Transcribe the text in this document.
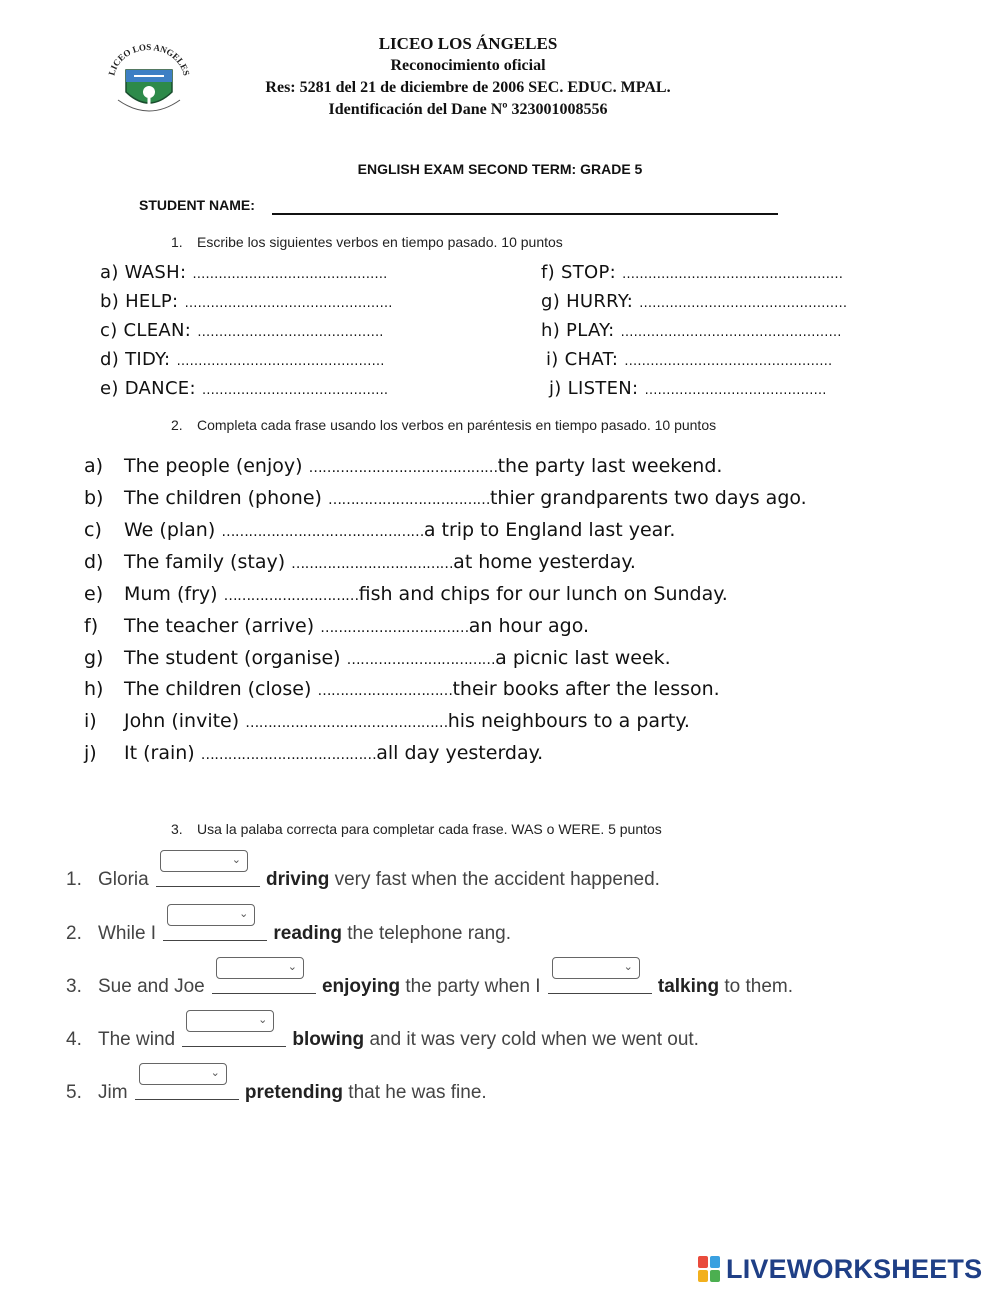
LICEO LOS ANGELES
LICEO LOS ÁNGELES
Reconocimiento oficial
Res: 5281 del 21 de diciembre de 2006 SEC. EDUC. MPAL.
Identificación del Dane Nº 323001008556
ENGLISH EXAM SECOND TERM: GRADE 5
STUDENT NAME:
1. Escribe los siguientes verbos en tiempo pasado. 10 puntos
a) WASH: ………………………………………
b) HELP: …………………………………………
c) CLEAN: …………………………………….
d) TIDY: …………………………………………
e) DANCE: …………………………………….
f) STOP: ……………………………………………
g) HURRY: …………………………………………
h) PLAY: ……………………………………………
i) CHAT: …………………………………………
j) LISTEN: ……………………………………
2. Completa cada frase usando los verbos en paréntesis en tiempo pasado. 10 puntos
a) The people (enjoy) ……………………………………the party last weekend.
b) The children (phone) ………………………………thier grandparents two days ago.
c) We (plan) ………………………………………a trip to England last year.
d) The family (stay) ………………………………at home yesterday.
e) Mum (fry) …………………………fish and chips for our lunch on Sunday.
f) The teacher (arrive) ……………………………an hour ago.
g) The student (organise) ……………………………a picnic last week.
h) The children (close) …………………………their books after the lesson.
i) John (invite) ………………………………………his neighbours to a party.
j) It (rain) …………………………………all day yesterday.
3. Usa la palaba correcta para completar cada frase. WAS o WERE. 5 puntos
1. Gloria
⌄
driving very fast when the accident happened.
2. While I
⌄
reading the telephone rang.
3. Sue and Joe
⌄
enjoying the party when I
⌄
talking to them.
4. The wind
⌄
blowing and it was very cold when we went out.
5. Jim
⌄
pretending that he was fine.
LIVEWORKSHEETS
